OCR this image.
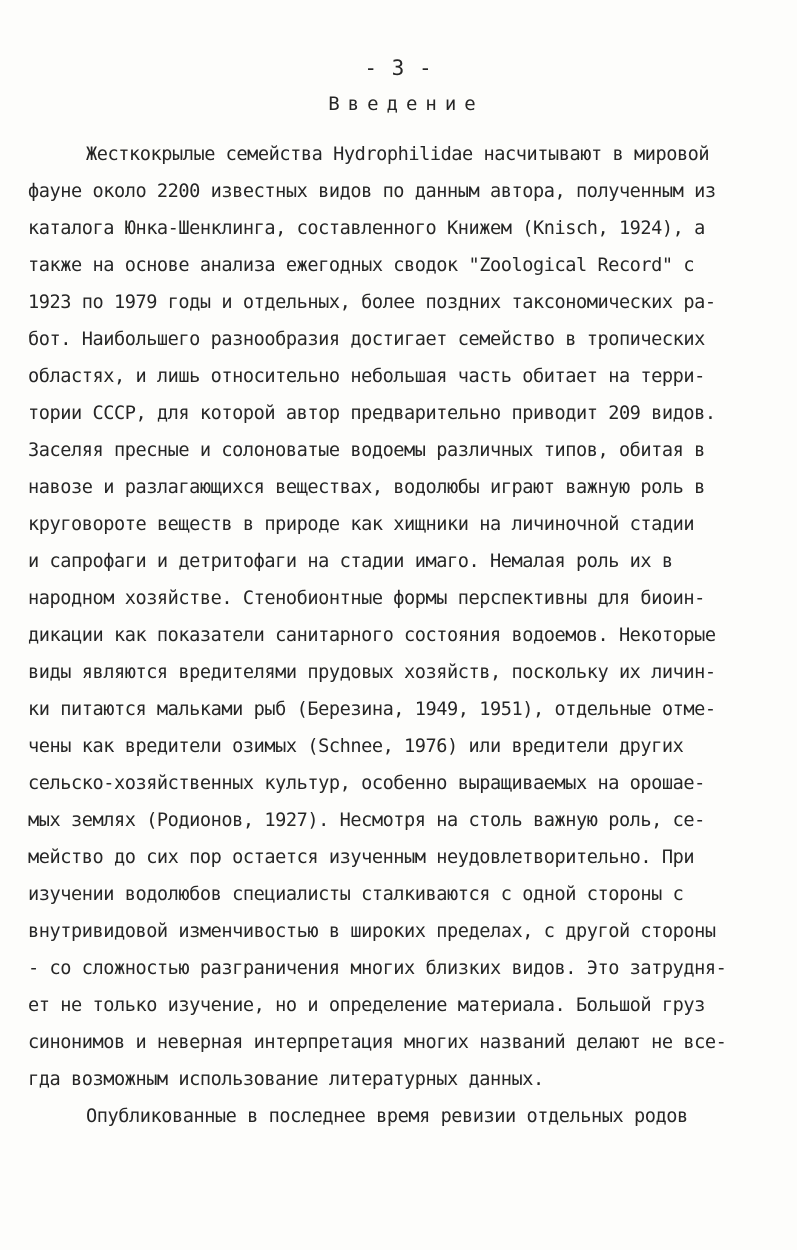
- 3 -
Введение
Жесткокрылые семейства Hydrophilidae насчитывают в мировой
фауне около 2200 известных видов по данным автора, полученным из
каталога Юнка-Шенклинга, составленного Книжем (Knisch, 1924), а
также на основе анализа ежегодных сводок "Zoological Record" с
1923 по 1979 годы и отдельных, более поздних таксономических ра-
бот. Наибольшего разнообразия достигает семейство в тропических
областях, и лишь относительно небольшая часть обитает на терри-
тории СССР, для которой автор предварительно приводит 209 видов.
Заселяя пресные и солоноватые водоемы различных типов, обитая в
навозе и разлагающихся веществах, водолюбы играют важную роль в
круговороте веществ в природе как хищники на личиночной стадии
и сапрофаги и детритофаги на стадии имаго. Немалая роль их в
народном хозяйстве. Стенобионтные формы перспективны для биоин-
дикации как показатели санитарного состояния водоемов. Некоторые
виды являются вредителями прудовых хозяйств, поскольку их личин-
ки питаются мальками рыб (Березина, 1949, 1951), отдельные отме-
чены как вредители озимых (Schnee, 1976) или вредители других
сельско-хозяйственных культур, особенно выращиваемых на орошае-
мых землях (Родионов, 1927). Несмотря на столь важную роль, се-
мейство до сих пор остается изученным неудовлетворительно. При
изучении водолюбов специалисты сталкиваются с одной стороны с
внутривидовой изменчивостью в широких пределах, с другой стороны
- со сложностью разграничения многих близких видов. Это затрудня-
ет не только изучение, но и определение материала. Большой груз
синонимов и неверная интерпретация многих названий делают не все-
гда возможным использование литературных данных.
Опубликованные в последнее время ревизии отдельных родов
